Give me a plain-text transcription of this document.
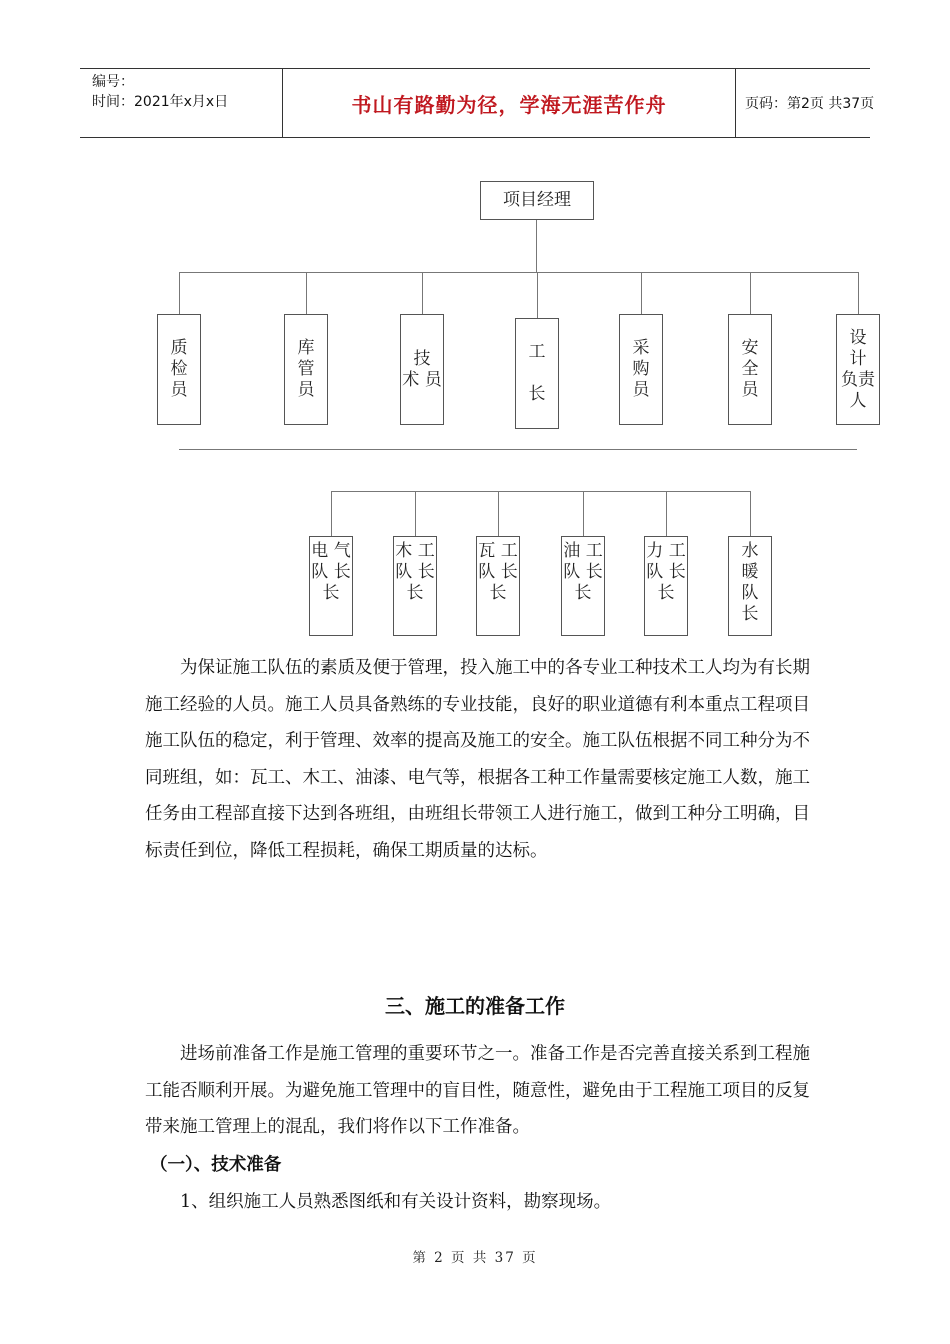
编号：
时间：2021年x月x日	书山有路勤为径，学海无涯苦作舟	页码：第2页 共37页
项目经理
质
检
员
库
管
员
技
术 员
工

长
采
购
员
安
全
员
设
计
负责
人
电 气
队 长
长
木 工
队 长
长
瓦 工
队 长
长
油 工
队 长
长
力 工
队 长
长
水
暖
队
长
为保证施工队伍的素质及便于管理，投入施工中的各专业工种技术工人均为有长期施工经验的人员。施工人员具备熟练的专业技能，良好的职业道德有利本重点工程项目施工队伍的稳定，利于管理、效率的提高及施工的安全。施工队伍根据不同工种分为不同班组，如：瓦工、木工、油漆、电气等，根据各工种工作量需要核定施工人数，施工任务由工程部直接下达到各班组，由班组长带领工人进行施工，做到工种分工明确，目标责任到位，降低工程损耗，确保工期质量的达标。
三、施工的准备工作
进场前准备工作是施工管理的重要环节之一。准备工作是否完善直接关系到工程施工能否顺利开展。为避免施工管理中的盲目性，随意性，避免由于工程施工项目的反复带来施工管理上的混乱，我们将作以下工作准备。
（一）、技术准备
1、组织施工人员熟悉图纸和有关设计资料，勘察现场。
第 2 页 共 37 页
